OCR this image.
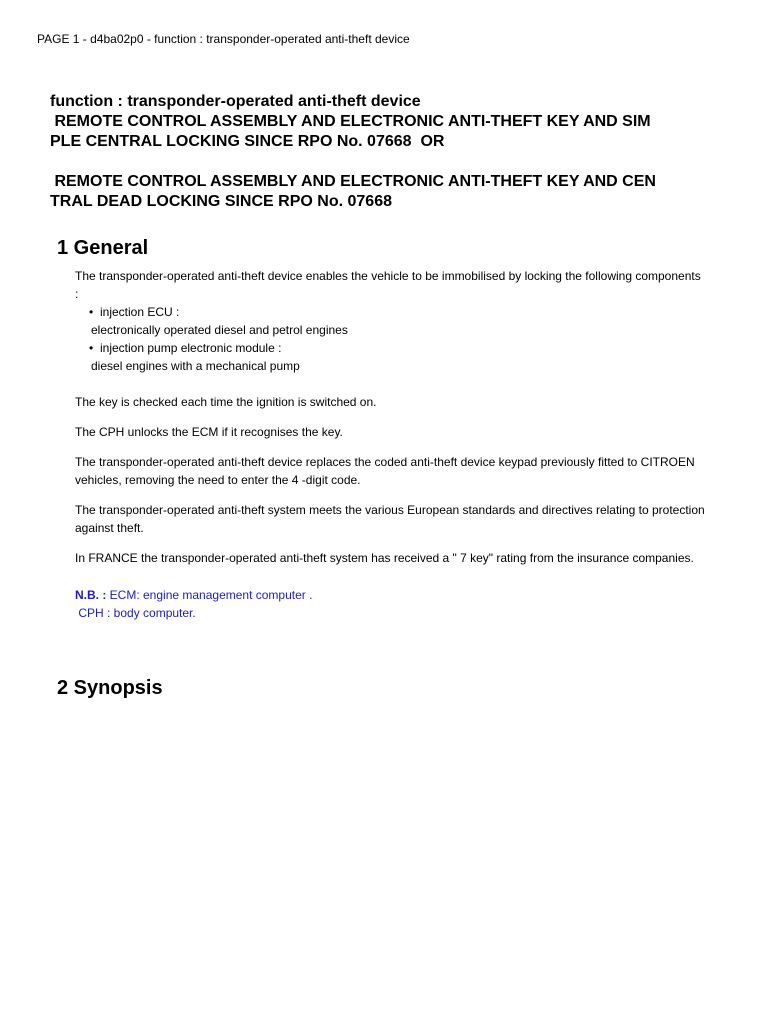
PAGE 1 - d4ba02p0 - function : transponder-operated anti-theft device
function : transponder-operated anti-theft device
REMOTE CONTROL ASSEMBLY AND ELECTRONIC ANTI-THEFT KEY AND SIM
PLE CENTRAL LOCKING SINCE RPO No. 07668  OR
REMOTE CONTROL ASSEMBLY AND ELECTRONIC ANTI-THEFT KEY AND CEN
TRAL DEAD LOCKING SINCE RPO No. 07668
1 General

The transponder-operated anti-theft device enables the vehicle to be immobilised by locking the following components

:

• injection ECU :
electronically operated diesel and petrol engines
• injection pump electronic module :
diesel engines with a mechanical pump

The key is checked each time the ignition is switched on.

The CPH unlocks the ECM if it recognises the key.

The transponder-operated anti-theft device replaces the coded anti-theft device keypad previously fitted to CITROEN vehicles, removing the need to enter the 4 -digit code.

The transponder-operated anti-theft system meets the various European standards and directives relating to protection against theft.

In FRANCE the transponder-operated anti-theft system has received a " 7 key" rating from the insurance companies.

N.B. : ECM: engine management computer .
CPH : body computer.
2 Synopsis
